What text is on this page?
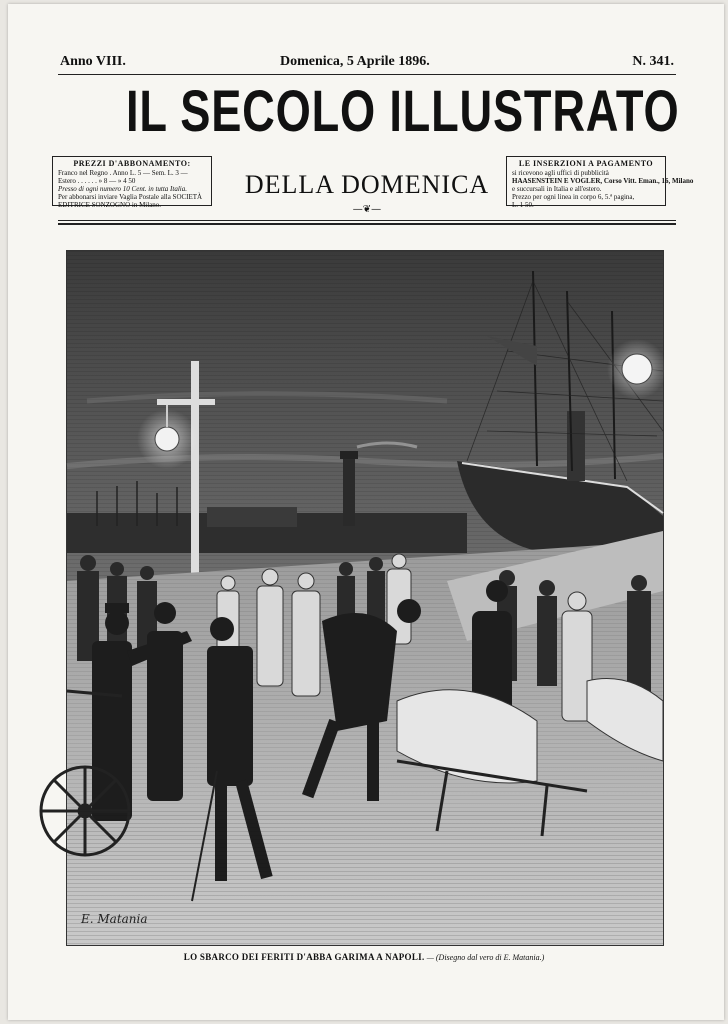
Anno VIII.	Domenica, 5 Aprile 1896.	N. 341.
IL SECOLO ILLUSTRATO
PREZZI D'ABBONAMENTO:
Franco nel Regno . Anno L. 5 — Sem. L. 3 —
Estero . . . . . . » 8 — » 4 50
Presso di ogni numero 10 Cent. in tutta Italia.
Per abbonarsi inviare Vaglia Postale alla SOCIETÀ
EDITRICE SONZOGNO in Milano.
DELLA DOMENICA
—❦—
LE INSERZIONI A PAGAMENTO
si ricevono agli uffici di pubblicità
HAASENSTEIN E VOGLER, Corso Vitt. Eman., 16, Milano
e succursali in Italia e all'estero.
Prezzo per ogni linea in corpo 6, 5.ª pagina,
L. 1 50.
E. Matania
LO SBARCO DEI FERITI D'ABBA GARIMA A NAPOLI. — (Disegno dal vero di E. Matania.)
